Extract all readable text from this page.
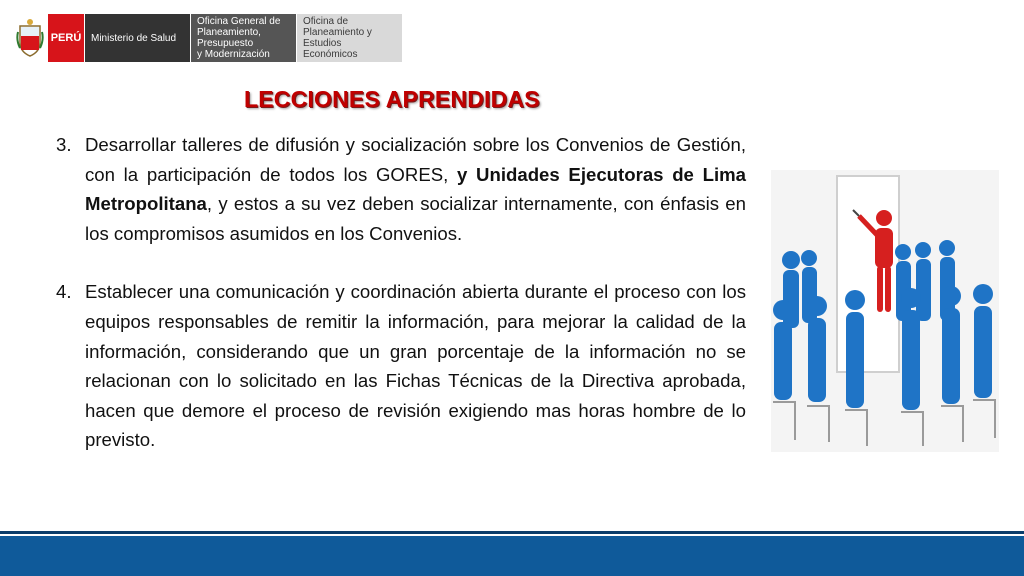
PERÚ Ministerio de Salud
Oficina General de
Planeamiento, Presupuesto
y Modernización
Oficina de Planeamiento y
Estudios Económicos
LECCIONES APRENDIDAS
3. Desarrollar talleres de difusión y socialización sobre los Convenios de Gestión, con la participación de todos los GORES, y Unidades Ejecutoras de Lima Metropolitana, y estos a su vez deben socializar internamente, con énfasis en los compromisos asumidos en los Convenios.
4. Establecer una comunicación y coordinación abierta durante el proceso con los equipos responsables de remitir la información, para mejorar la calidad de la información, considerando que un gran porcentaje de la información no se relacionan con lo solicitado en las Fichas Técnicas de la Directiva aprobada, hacen que demore el proceso de revisión exigiendo mas horas hombre de lo previsto.
